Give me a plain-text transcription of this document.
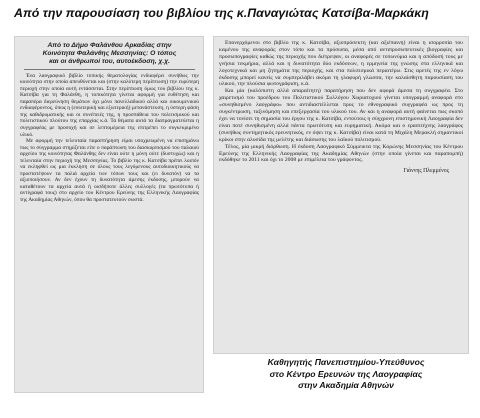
Από την παρουσίαση του βιβλίου της κ.Παναγιώτας Κατσίβα-Μαρκάκη
Από το Δήμο Φαλάνθου Αρκαδίας στην
Κοινότητα Φαλάνθης Μεσσηνίας: Ο τόπος
και οι άνθρωποί του, αυτοέκδοση, χ.χ.

Ένα λαογραφικό βιβλίο τοπικής θεματολογίας ενδιαφέρει συνήθως την κοινότητα στην οποία απευθύνεται και (στην καλύτερη περίπτωση) την ευρύτερη περιοχή στην οποία αυτή εντάσσεται. Στην περίπτωση όμως του βιβλίου της κ. Κατσίβα για τη Φαλάνθη, η τοπικότητα γίνεται αφορμή για ευθέτηση και παραπέρα διερεύνηση θεμάτων όχι μόνο πανελλαδικού αλλά και οικουμενικού ενδιαφέροντος, όπως η (εσωτερική και εξωτερική) μετανάστευση, η ύστερη φάση της καθιδρυματικής και οι συνέπειές της, η προσπάθεια του πολιτισμικού και πολιτιστικού πλούτου της επαρχίας κ.ά. Τα θέματα αυτά τα διαπραγματεύεται η συγγραφέας με προσοχή και σε λεπτομέρεια της επιτρέπει το συγκεκριμένο υλικό.

Με αφορμή την τελευταία παραπτήρηση είμαι υποχρεωμένη να επισημάνω πως το σύγγραμμα στηρίζεται είτε ο παράπτωση του διασκορπισμού του παλαιού αρχείου της κοινότητας Φαλάνθης δεν είναι ούτε η μόνη ούτε (δυστυχώς) και η τελευταία στην περιοχή της Μεσσηνίας. Το βιβλίο της κ. Κατσίβα πρέπει λοιπόν να εκληφθεί ως μια έκκληση σε όλους τους λεγόμενους αυτοδιοικητικούς να προστατέψουν τα παλιά αρχεία των τόπων τους και (ει δυνατόν) να τα αξιοποιήσουν. Αν δεν έχουν τη δυνατότητα άμεσης έκδοσης, μπορούν να καταθέτουν τα αρχεία αυτά ή οισδήποτε άλλες συλλογές (τα πρωτότυπα ή αντίγραφά τους) στο αρχείο του Κέντρου Ερεύνης της Ελληνικής Λαογραφίας της Ακαδημίας Αθηνών, όπου θα προστατευτούν σωστά.

Επανερχόμενοι στο βιβλίο της κ. Κατσίβα, αξιοπρόσεκτη (και αξιέπαινη) είναι η ισορροπία του καμένου της αναφοράς στον τόπο και τα πρόσωπα, μέσα από αντιπροσωπευτικές βιογραφίες και προσωπογραφίες καθώς της περιοχής που διέτρεψαν, οι αναφορές σε τοπωνύμια και η απόδοσή τους με γνήσια τεκμήρια, αλλά και η δυνατότητα δύο εκδόσεων, η ερμηνεία της γνώσης στα ελληνικά και λογοτεχνικά και μη ζητημάτα της περιοχής, και στα πολιτισμικά περαιτέρω. Στις αρετές της εν λόγω έκδοσης μπορεί κανείς να συμπεριλάβει ακόμα τη γλαφυρή γλώσσα, την καλαίσθητη παρουσίαση του υλικού, την πλούσια φωτογράφιση, κ.ά.

Και μία (καλόπιστη αλλά απαραίτητη) παρατήρηση που δεν αφορά άμεσα τη συγγραφέα. Στο χαιρετισμό του προέδρου του Πολιτιστικού Συλλόγου Χωριατοχιού γίνεται υπογραμμή αναφορά στο «συνηθισμένο λαογράφο» που αντιδιαστέλλεται προς το εθνογραφικό συγγραφέα ως προς τη συγκέντρωση, ταξινόμηση και επεξεργασία του υλικού του. Αν και η αναφορά αυτή φαίνεται πως σκοπό έχει να τονίσει τη σημασία του έργου της κ. Κατσίβα, εντούτοις η σύγχρονη επιστημονική Λαογραφία δεν είναι ποτέ συνηθισμένη αλλά πάντα πρωτότυπη και ευρηματική. Ακόμα και ο ερασιτέχνης λαογράφος (συνήθως συντηρητικός ερευνητικός, εν όψει της κ. Κατσίβα) είναι κατά τη Μιχάλη Μερακλή σημαντικοί κρίκοι στην αλυσίδα της μελέτης και διάσωσης του λαϊκού πολιτισμού.

Τέλος, μία μικρή διόρθωση. Η έκδοση Λαογραφικό Σύμμεικτα της Κορώνης Μεσσηνίας του Κέντρου Ερεύνης της Ελληνικής Λαογραφίας της Ακαδημίας Αθηνών (στην οποία γίνεται και παραπομπή) εκδόθηκε το 2011 και όχι το 2008 με επιμέλεια του γράφοντος.

Γιάννης Πλεμμένος
Καθηγητής Πανεπιστημίου-Υπεύθυνος
στο Κέντρο Ερευνών της Λαογραφίας
στην Ακαδημία Αθηνών
